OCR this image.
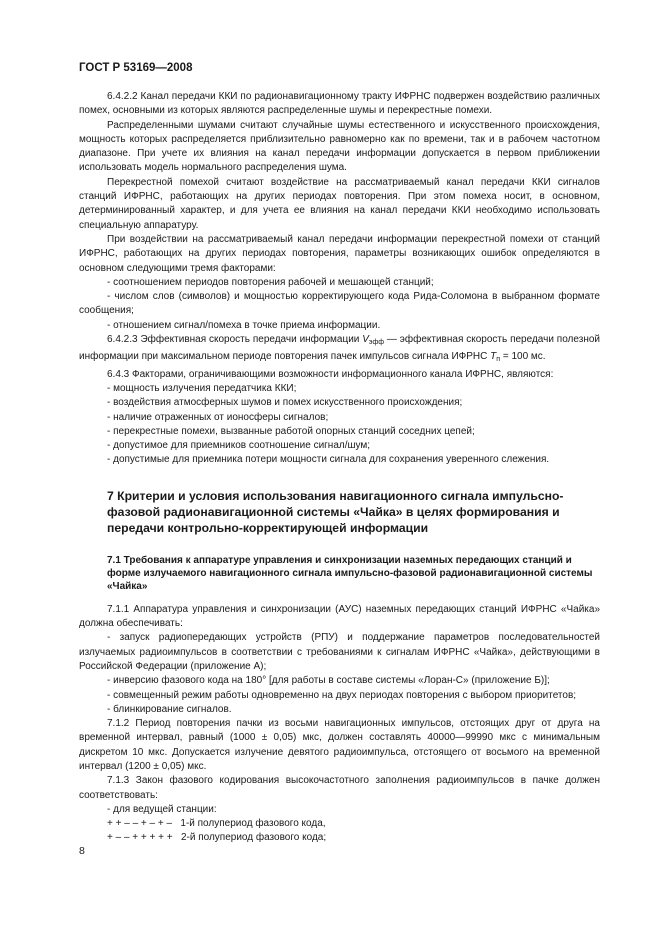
ГОСТ Р 53169—2008

6.4.2.2 Канал передачи ККИ по радионавигационному тракту ИФРНС подвержен воздействию различных помех, основными из которых являются распределенные шумы и перекрестные помехи.

Распределенными шумами считают случайные шумы естественного и искусственного происхождения, мощность которых распределяется приблизительно равномерно как по времени, так и в рабочем частотном диапазоне. При учете их влияния на канал передачи информации допускается в первом приближении использовать модель нормального распределения шума.

Перекрестной помехой считают воздействие на рассматриваемый канал передачи ККИ сигналов станций ИФРНС, работающих на других периодах повторения. При этом помеха носит, в основном, детерминированный характер, и для учета ее влияния на канал передачи ККИ необходимо использовать специальную аппаратуру.

При воздействии на рассматриваемый канал передачи информации перекрестной помехи от станций ИФРНС, работающих на других периодах повторения, параметры возникающих ошибок определяются в основном следующими тремя факторами:

- соотношением периодов повторения рабочей и мешающей станций;

- числом слов (символов) и мощностью корректирующего кода Рида-Соломона в выбранном формате сообщения;

- отношением сигнал/помеха в точке приема информации.

6.4.2.3 Эффективная скорость передачи информации $V_{эфф}$ — эффективная скорость передачи полезной информации при максимальном периоде повторения пачек импульсов сигнала ИФРНС $T_п = 100$ мс.

6.4.3 Факторами, ограничивающими возможности информационного канала ИФРНС, являются:

- мощность излучения передатчика ККИ;

- воздействия атмосферных шумов и помех искусственного происхождения;

- наличие отраженных от ионосферы сигналов;

- перекрестные помехи, вызванные работой опорных станций соседних цепей;

- допустимое для приемников соотношение сигнал/шум;

- допустимые для приемника потери мощности сигнала для сохранения уверенного слежения.

7 Критерии и условия использования навигационного сигнала импульсно-фазовой радионавигационной системы «Чайка» в целях формирования и передачи контрольно-корректирующей информации
7.1 Требования к аппаратуре управления и синхронизации наземных передающих станций и форме излучаемого навигационного сигнала импульсно-фазовой радионавигационной системы «Чайка»

7.1.1 Аппаратура управления и синхронизации (АУС) наземных передающих станций ИФРНС «Чайка» должна обеспечивать:

- запуск радиопередающих устройств (РПУ) и поддержание параметров последовательностей излучаемых радиоимпульсов в соответствии с требованиями к сигналам ИФРНС «Чайка», действующими в Российской Федерации (приложение А);

- инверсию фазового кода на 180° [для работы в составе системы «Лоран-С» (приложение Б)];

- совмещенный режим работы одновременно на двух периодах повторения с выбором приоритетов;

- блинкирование сигналов.

7.1.2 Период повторения пачки из восьми навигационных импульсов, отстоящих друг от друга на временной интервал, равный (1000 ± 0,05) мкс, должен составлять 40000—99990 мкс с минимальным дискретом 10 мкс. Допускается излучение девятого радиоимпульса, отстоящего от восьмого на временной интервал (1200 ± 0,05) мкс.

7.1.3 Закон фазового кодирования высокочастотного заполнения радиоимпульсов в пачке должен соответствовать:

- для ведущей станции:

+ + – – + – + –   1-й полупериод фазового кода,

+ – – + + + + +   2-й полупериод фазового кода;

8
